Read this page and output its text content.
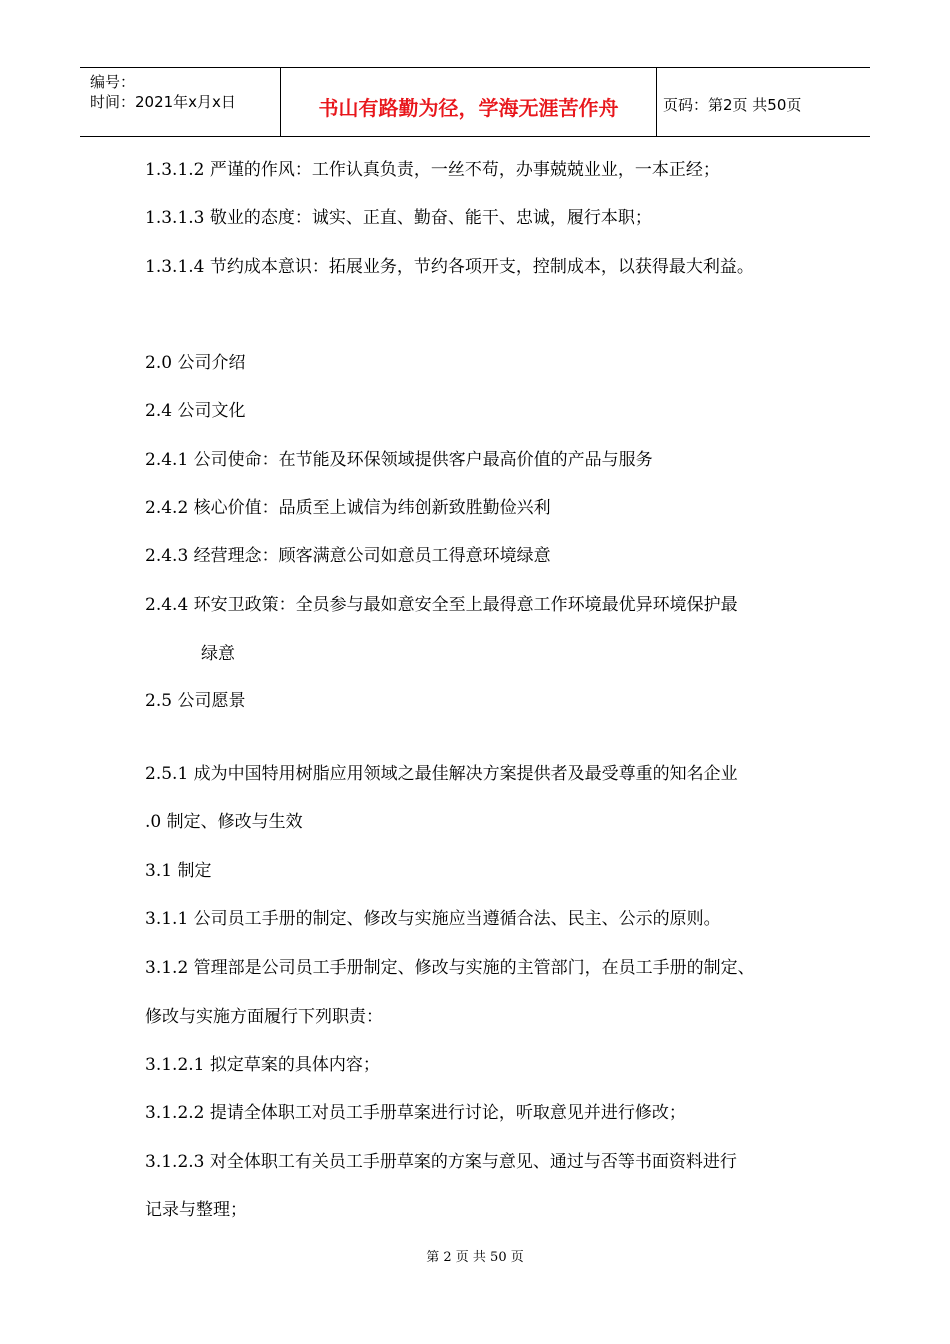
编号：
时间：2021年x月x日	书山有路勤为径，学海无涯苦作舟	页码：第2页 共50页
1.3.1.2 严谨的作风：工作认真负责，一丝不苟，办事兢兢业业，一本正经；
1.3.1.3 敬业的态度：诚实、正直、勤奋、能干、忠诚，履行本职；
1.3.1.4 节约成本意识：拓展业务，节约各项开支，控制成本，以获得最大利益。
2.0 公司介绍
2.4 公司文化
2.4.1 公司使命：在节能及环保领域提供客户最高价值的产品与服务
2.4.2 核心价值：品质至上诚信为纬创新致胜勤俭兴利
2.4.3 经营理念：顾客满意公司如意员工得意环境绿意
2.4.4 环安卫政策：全员参与最如意安全至上最得意工作环境最优异环境保护最
绿意
2.5 公司愿景
2.5.1 成为中国特用树脂应用领域之最佳解决方案提供者及最受尊重的知名企业
.0 制定、修改与生效
3.1 制定
3.1.1 公司员工手册的制定、修改与实施应当遵循合法、民主、公示的原则。
3.1.2 管理部是公司员工手册制定、修改与实施的主管部门，在员工手册的制定、
修改与实施方面履行下列职责：
3.1.2.1 拟定草案的具体内容；
3.1.2.2 提请全体职工对员工手册草案进行讨论，听取意见并进行修改；
3.1.2.3 对全体职工有关员工手册草案的方案与意见、通过与否等书面资料进行
记录与整理；
第 2 页 共 50 页
